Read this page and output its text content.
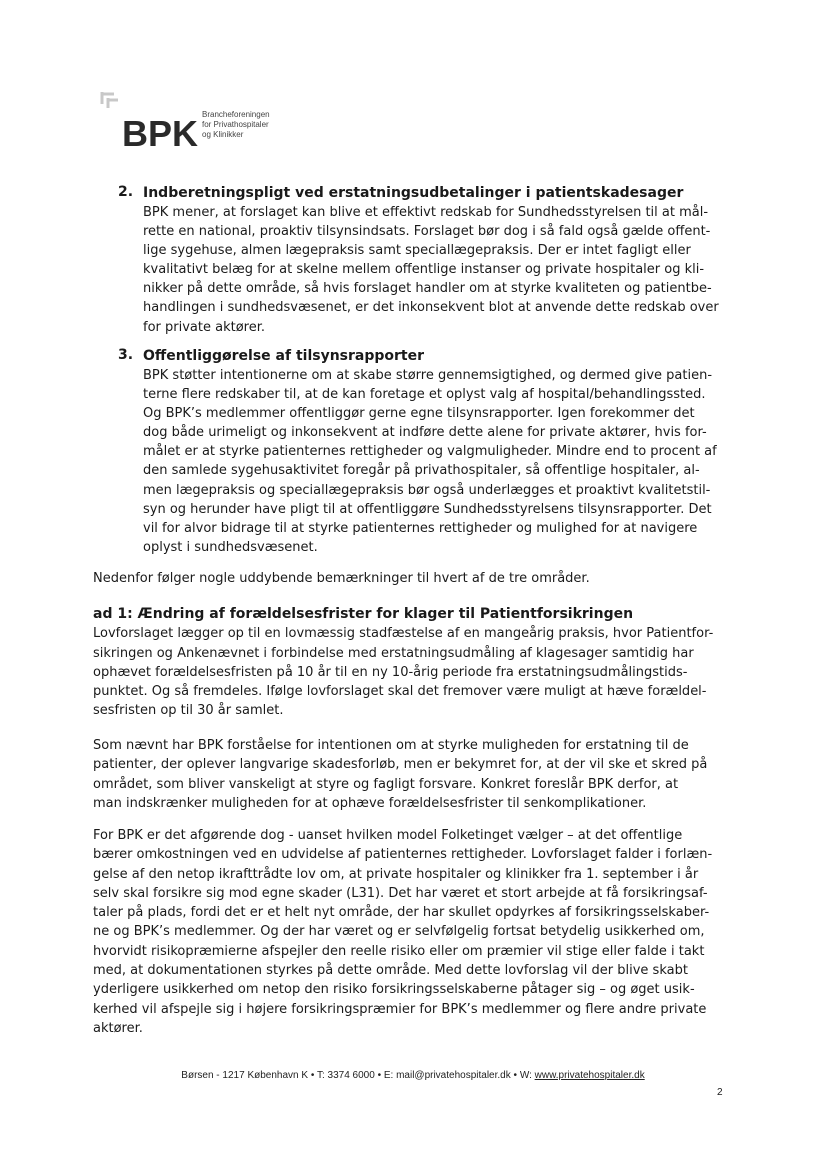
BPK Brancheforeningen
for Privathospitaler
og Klinikker
2. Indberetningspligt ved erstatningsudbetalinger i patientskadesager
BPK mener, at forslaget kan blive et effektivt redskab for Sundhedsstyrelsen til at mål-
rette en national, proaktiv tilsynsindsats. Forslaget bør dog i så fald også gælde offent-
lige sygehuse, almen lægepraksis samt speciallægepraksis. Der er intet fagligt eller
kvalitativt belæg for at skelne mellem offentlige instanser og private hospitaler og kli-
nikker på dette område, så hvis forslaget handler om at styrke kvaliteten og patientbe-
handlingen i sundhedsvæsenet, er det inkonsekvent blot at anvende dette redskab over
for private aktører.
3. Offentliggørelse af tilsynsrapporter
BPK støtter intentionerne om at skabe større gennemsigtighed, og dermed give patien-
terne flere redskaber til, at de kan foretage et oplyst valg af hospital/behandlingssted.
Og BPK’s medlemmer offentliggør gerne egne tilsynsrapporter. Igen forekommer det
dog både urimeligt og inkonsekvent at indføre dette alene for private aktører, hvis for-
målet er at styrke patienternes rettigheder og valgmuligheder. Mindre end to procent af
den samlede sygehusaktivitet foregår på privathospitaler, så offentlige hospitaler, al-
men lægepraksis og speciallægepraksis bør også underlægges et proaktivt kvalitetstil-
syn og herunder have pligt til at offentliggøre Sundhedsstyrelsens tilsynsrapporter. Det
vil for alvor bidrage til at styrke patienternes rettigheder og mulighed for at navigere
oplyst i sundhedsvæsenet.
Nedenfor følger nogle uddybende bemærkninger til hvert af de tre områder.
ad 1: Ændring af forældelsesfrister for klager til Patientforsikringen
Lovforslaget lægger op til en lovmæssig stadfæstelse af en mangeårig praksis, hvor Patientfor-
sikringen og Ankenævnet i forbindelse med erstatningsudmåling af klagesager samtidig har
ophævet forældelsesfristen på 10 år til en ny 10-årig periode fra erstatningsudmålingstids-
punktet. Og så fremdeles. Ifølge lovforslaget skal det fremover være muligt at hæve forældel-
sesfristen op til 30 år samlet.
Som nævnt har BPK forståelse for intentionen om at styrke muligheden for erstatning til de
patienter, der oplever langvarige skadesforløb, men er bekymret for, at der vil ske et skred på
området, som bliver vanskeligt at styre og fagligt forsvare. Konkret foreslår BPK derfor, at
man indskrænker muligheden for at ophæve forældelsesfrister til senkomplikationer.
For BPK er det afgørende dog - uanset hvilken model Folketinget vælger – at det offentlige
bærer omkostningen ved en udvidelse af patienternes rettigheder. Lovforslaget falder i forlæn-
gelse af den netop ikrafttrådte lov om, at private hospitaler og klinikker fra 1. september i år
selv skal forsikre sig mod egne skader (L31). Det har været et stort arbejde at få forsikringsaf-
taler på plads, fordi det er et helt nyt område, der har skullet opdyrkes af forsikringsselskaber-
ne og BPK’s medlemmer. Og der har været og er selvfølgelig fortsat betydelig usikkerhed om,
hvorvidt risikopræmierne afspejler den reelle risiko eller om præmier vil stige eller falde i takt
med, at dokumentationen styrkes på dette område. Med dette lovforslag vil der blive skabt
yderligere usikkerhed om netop den risiko forsikringsselskaberne påtager sig – og øget usik-
kerhed vil afspejle sig i højere forsikringspræmier for BPK’s medlemmer og flere andre private
aktører.
Børsen - 1217 København K • T: 3374 6000 • E: mail@privatehospitaler.dk • W: www.privatehospitaler.dk
2
